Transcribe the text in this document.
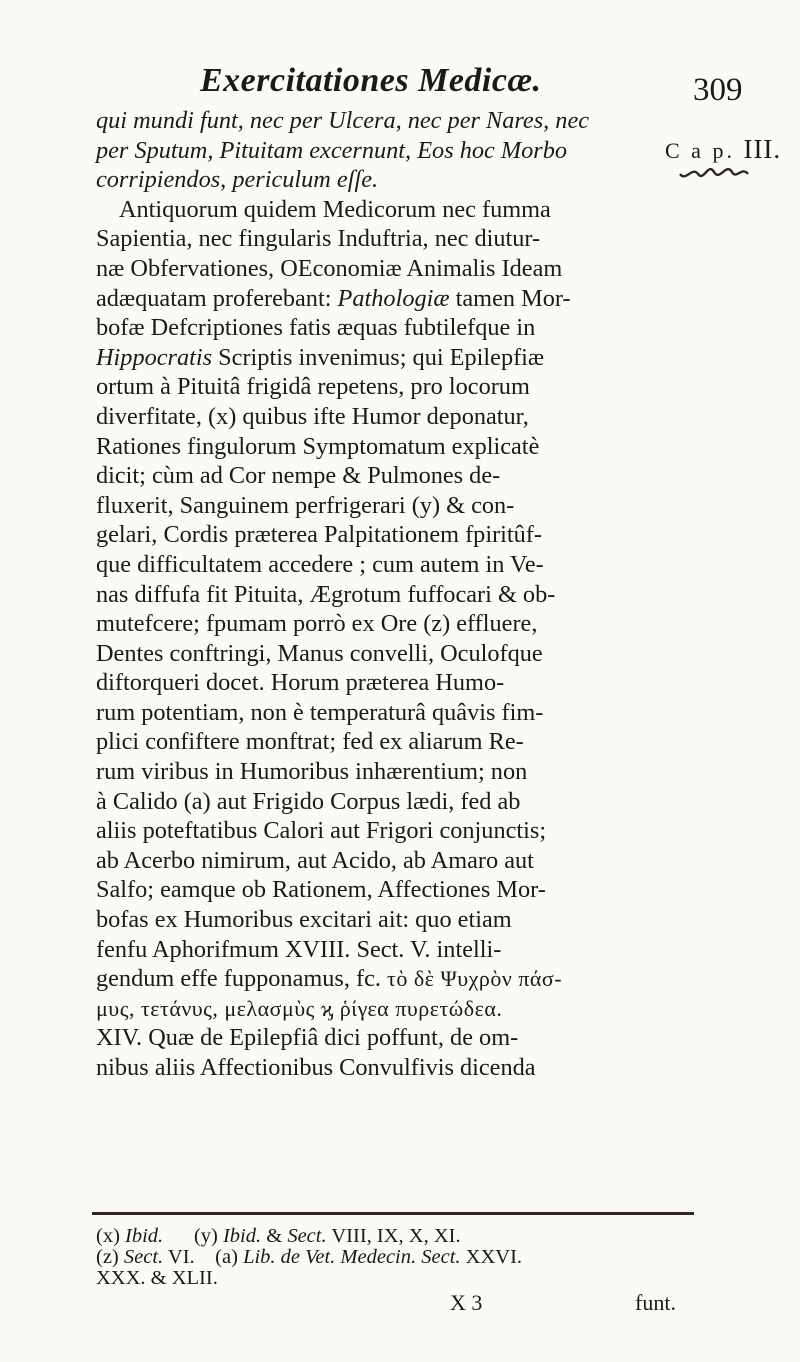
Exercitationes Medicæ.	309
C a p. III.
qui mundi funt, nec per Ulcera, nec per Nares, nec
per Sputum, Pituitam excernunt, Eos hoc Morbo
corripiendos, periculum eſſe.
Antiquorum quidem Medicorum nec fumma
Sapientia, nec fingularis Induftria, nec diutur-
næ Obfervationes, OEconomiæ Animalis Ideam
adæquatam proferebant: Pathologiæ tamen Mor-
bofæ Defcriptiones fatis æquas fubtilefque in
Hippocratis Scriptis invenimus; qui Epilepfiæ
ortum à Pituitâ frigidâ repetens, pro locorum
diverfitate, (x) quibus ifte Humor deponatur,
Rationes fingulorum Symptomatum explicatè
dicit; cùm ad Cor nempe & Pulmones de-
fluxerit, Sanguinem perfrigerari (y) & con-
gelari, Cordis præterea Palpitationem fpiritûf-
que difficultatem accedere ; cum autem in Ve-
nas diffufa fit Pituita, Ægrotum fuffocari & ob-
mutefcere; fpumam porrò ex Ore (z) effluere,
Dentes conftringi, Manus convelli, Oculofque
diftorqueri docet. Horum præterea Humo-
rum potentiam, non è temperaturâ quâvis fim-
plici confiftere monftrat; fed ex aliarum Re-
rum viribus in Humoribus inhærentium; non
à Calido (a) aut Frigido Corpus lædi, fed ab
aliis poteftatibus Calori aut Frigori conjunctis;
ab Acerbo nimirum, aut Acido, ab Amaro aut
Salfo; eamque ob Rationem, Affectiones Mor-
bofas ex Humoribus excitari ait: quo etiam
fenfu Aphorifmum XVIII. Sect. V. intelli-
gendum effe fupponamus, fc. τὸ δὲ Ψυχρὸν πάσ-
μυς, τετάνυς, μελασμὺς ϗ ῥίγεα πυρετώδεα.
XIV. Quæ de Epilepfiâ dici poffunt, de om-
nibus aliis Affectionibus Convulfivis dicenda
(x) Ibid.      (y) Ibid. & Sect. VIII, IX, X, XI.
(z) Sect. VI.    (a) Lib. de Vet. Medecin. Sect. XXVI.
XXX. & XLII.
X 3	funt.
